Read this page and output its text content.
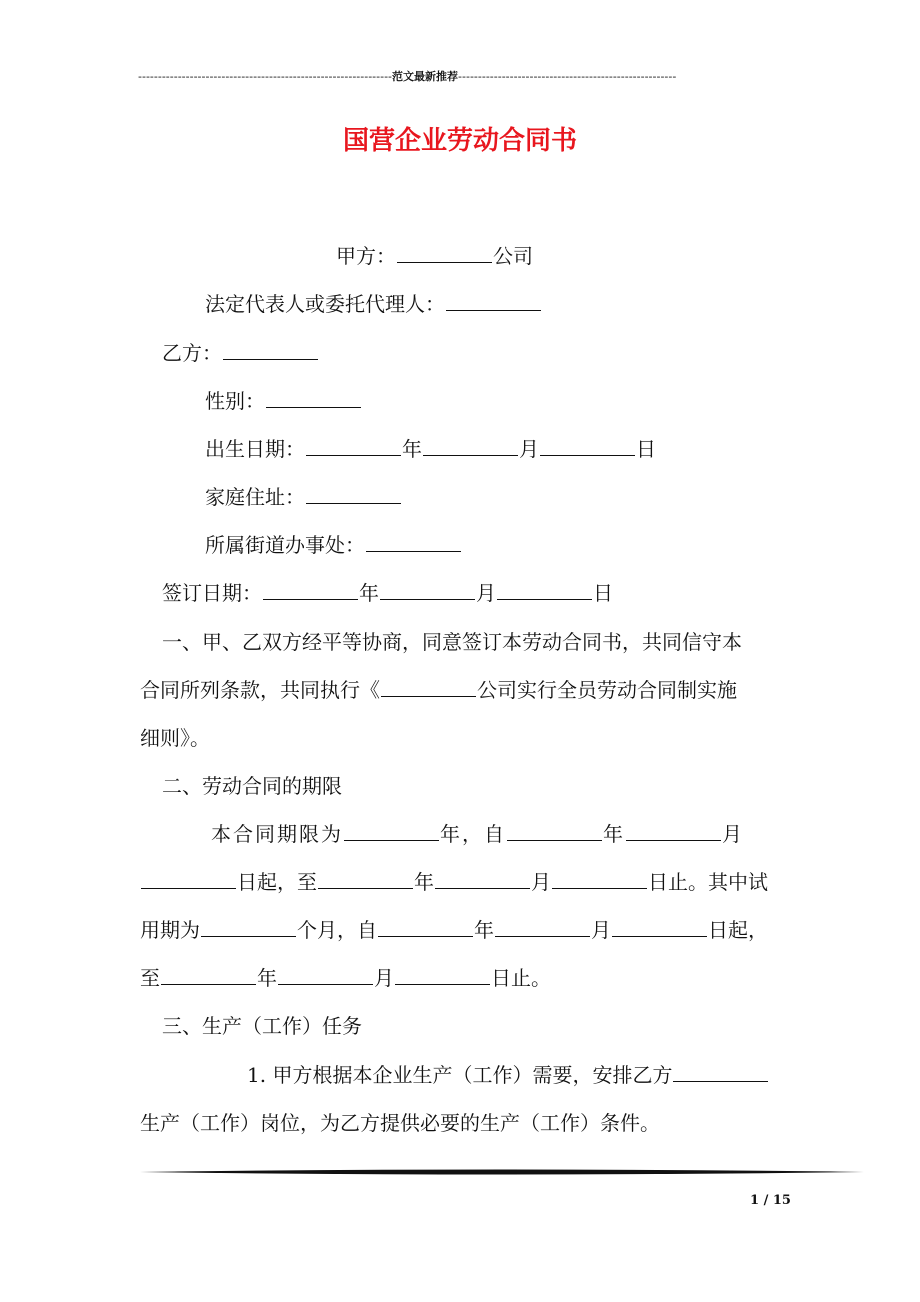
----------------------------------------------------------------范文最新推荐-------------------------------------------------------
国营企业劳动合同书
甲方：	公司
法定代表人或委托代理人：
乙方：
性别：
出生日期：	年	月	日
家庭住址：
所属街道办事处：
签订日期：	年	月	日
一、甲、乙双方经平等协商，同意签订本劳动合同书，共同信守本
合同所列条款，共同执行《	公司实行全员劳动合同制实施
细则》。
二、劳动合同的期限
本合同期限为	年，自	年	月
日起，至	年	月	日止。其中试
用期为	个月，自	年	月	日起，
至	年	月	日止。
三、生产（工作）任务
1. 甲方根据本企业生产（工作）需要，安排乙方
生产（工作）岗位，为乙方提供必要的生产（工作）条件。
1 / 15
